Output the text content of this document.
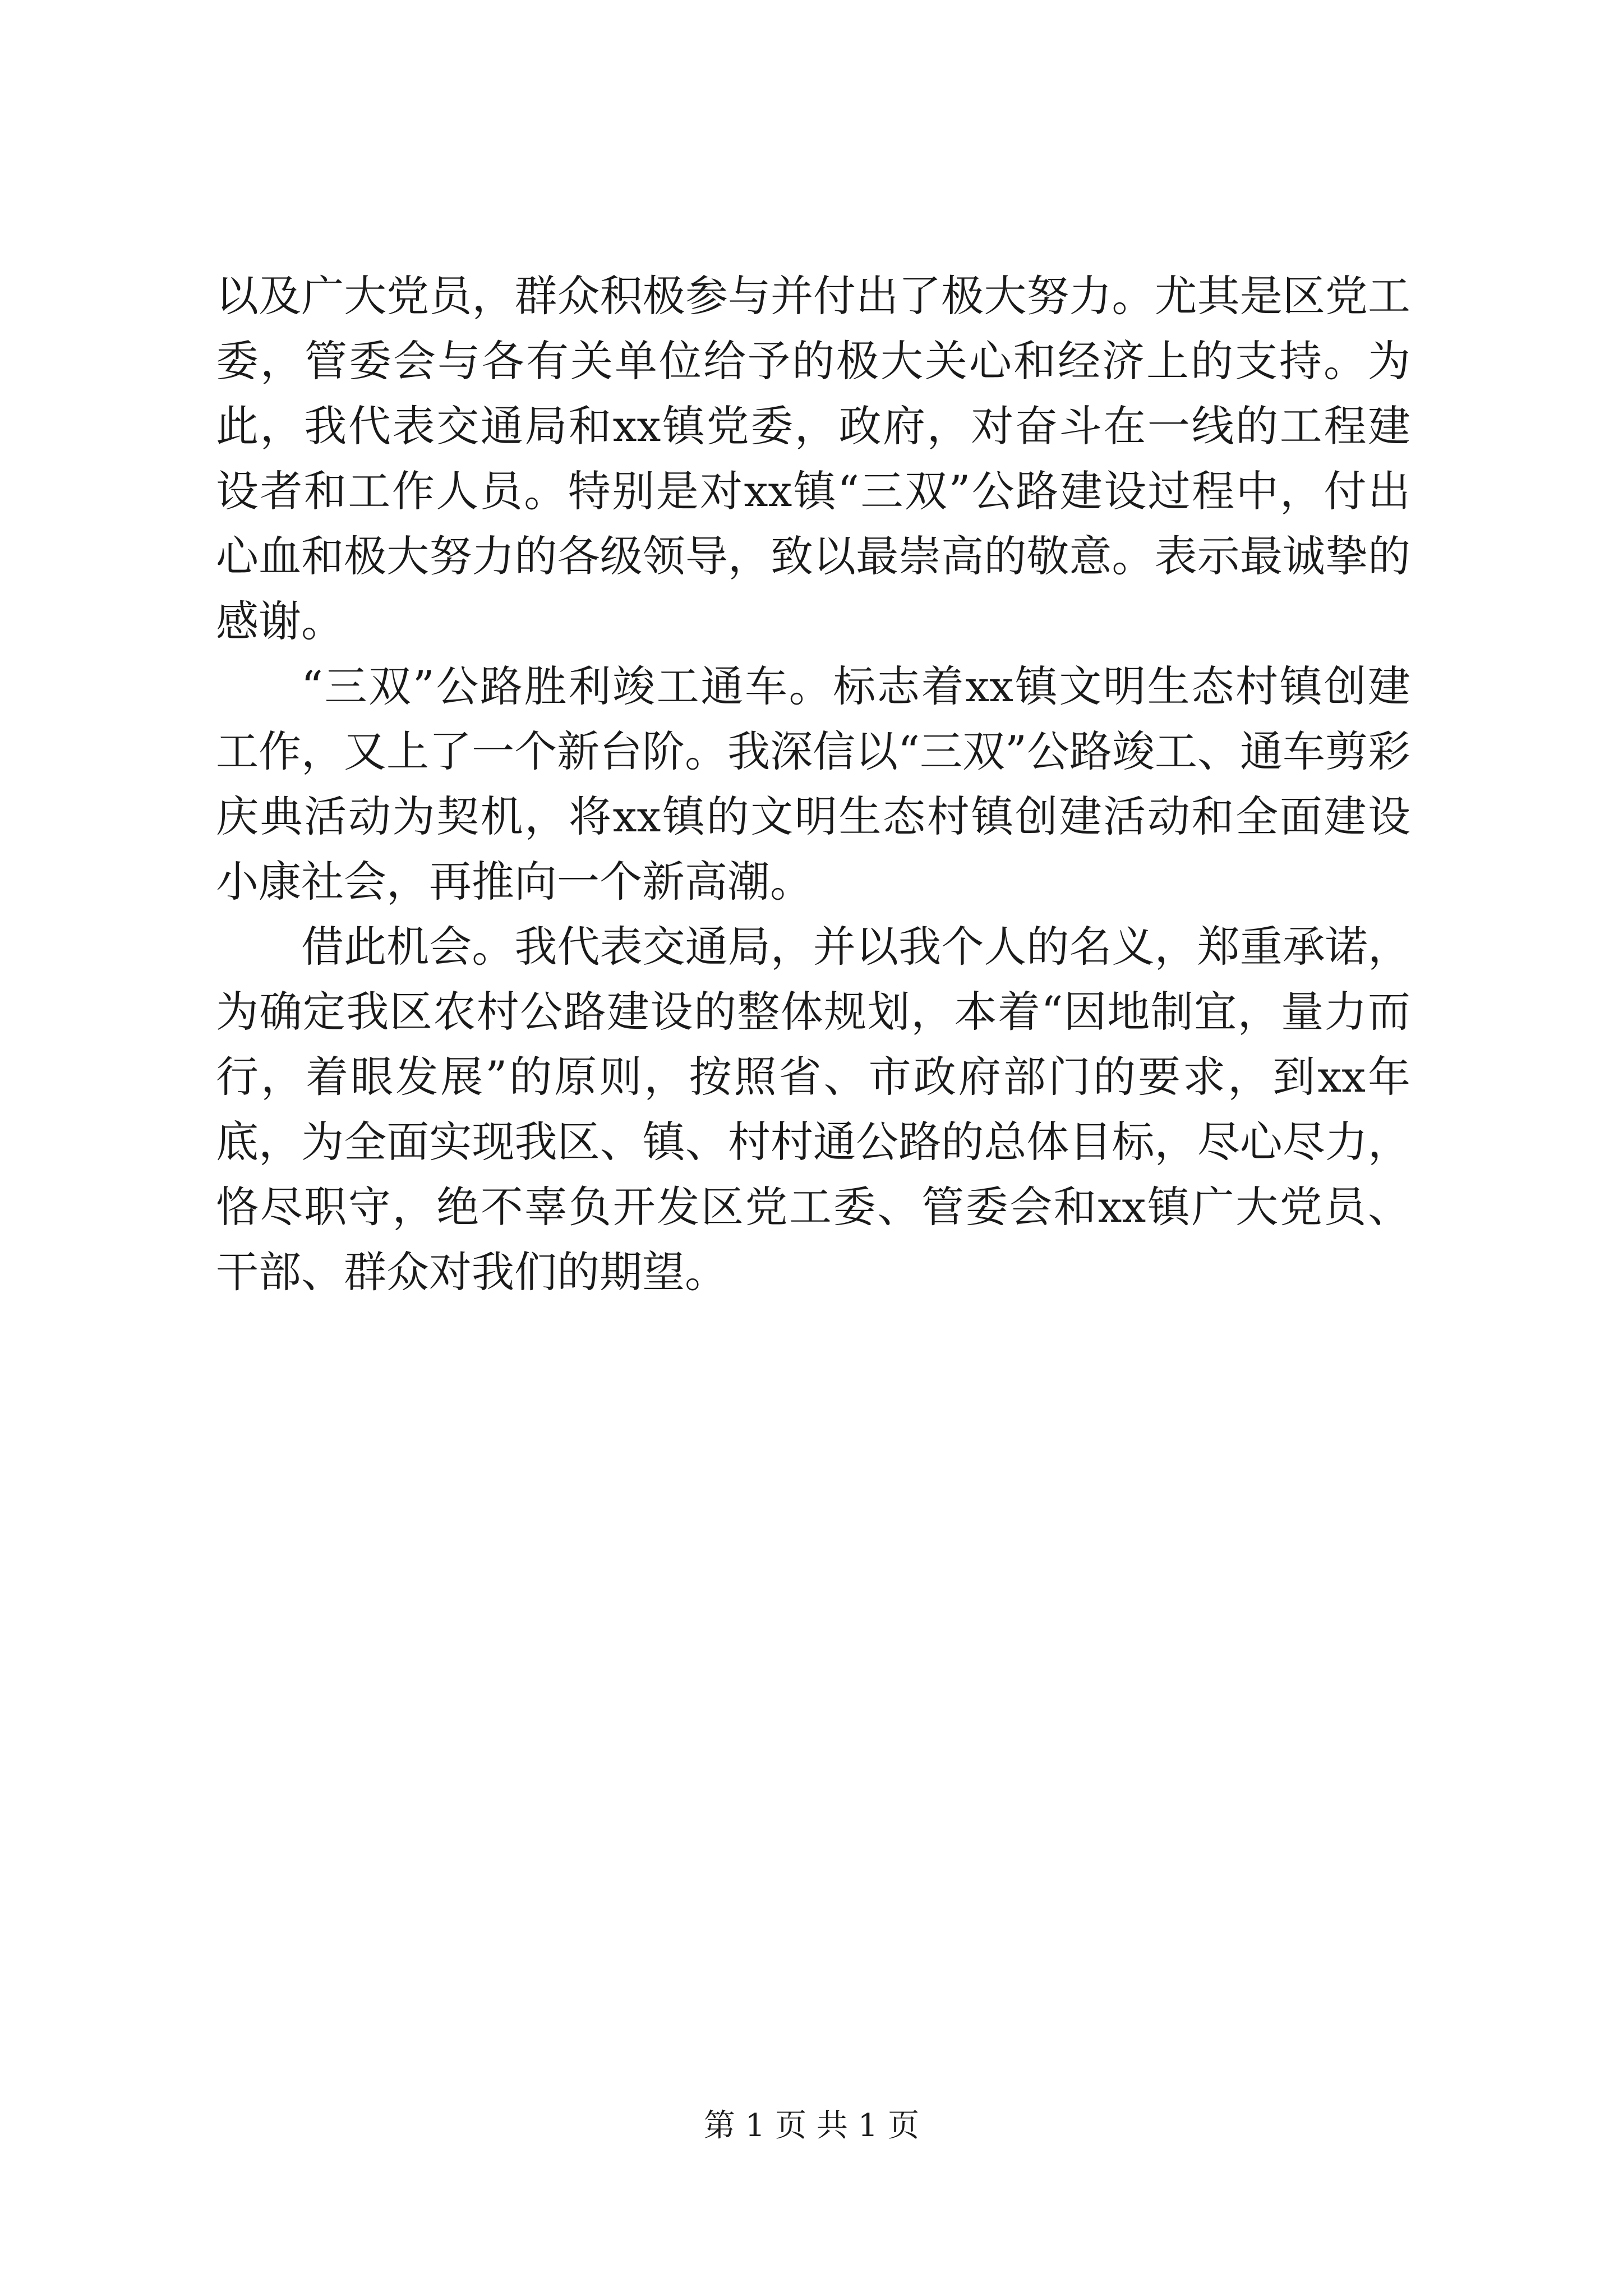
以及广大党员，群众积极参与并付出了极大努力。尤其是区党工委，管委会与各有关单位给予的极大关心和经济上的支持。为此，我代表交通局和xx镇党委，政府，对奋斗在一线的工程建设者和工作人员。特别是对xx镇“三双”公路建设过程中，付出心血和极大努力的各级领导，致以最崇高的敬意。表示最诚挚的感谢。

“三双”公路胜利竣工通车。标志着xx镇文明生态村镇创建工作，又上了一个新台阶。我深信以“三双”公路竣工、通车剪彩庆典活动为契机，将xx镇的文明生态村镇创建活动和全面建设小康社会，再推向一个新高潮。

借此机会。我代表交通局，并以我个人的名义，郑重承诺，为确定我区农村公路建设的整体规划，本着“因地制宜，量力而行，着眼发展”的原则，按照省、市政府部门的要求，到xx年底，为全面实现我区、镇、村村通公路的总体目标，尽心尽力，恪尽职守，绝不辜负开发区党工委、管委会和xx镇广大党员、干部、群众对我们的期望。

第 1 页 共 1 页
